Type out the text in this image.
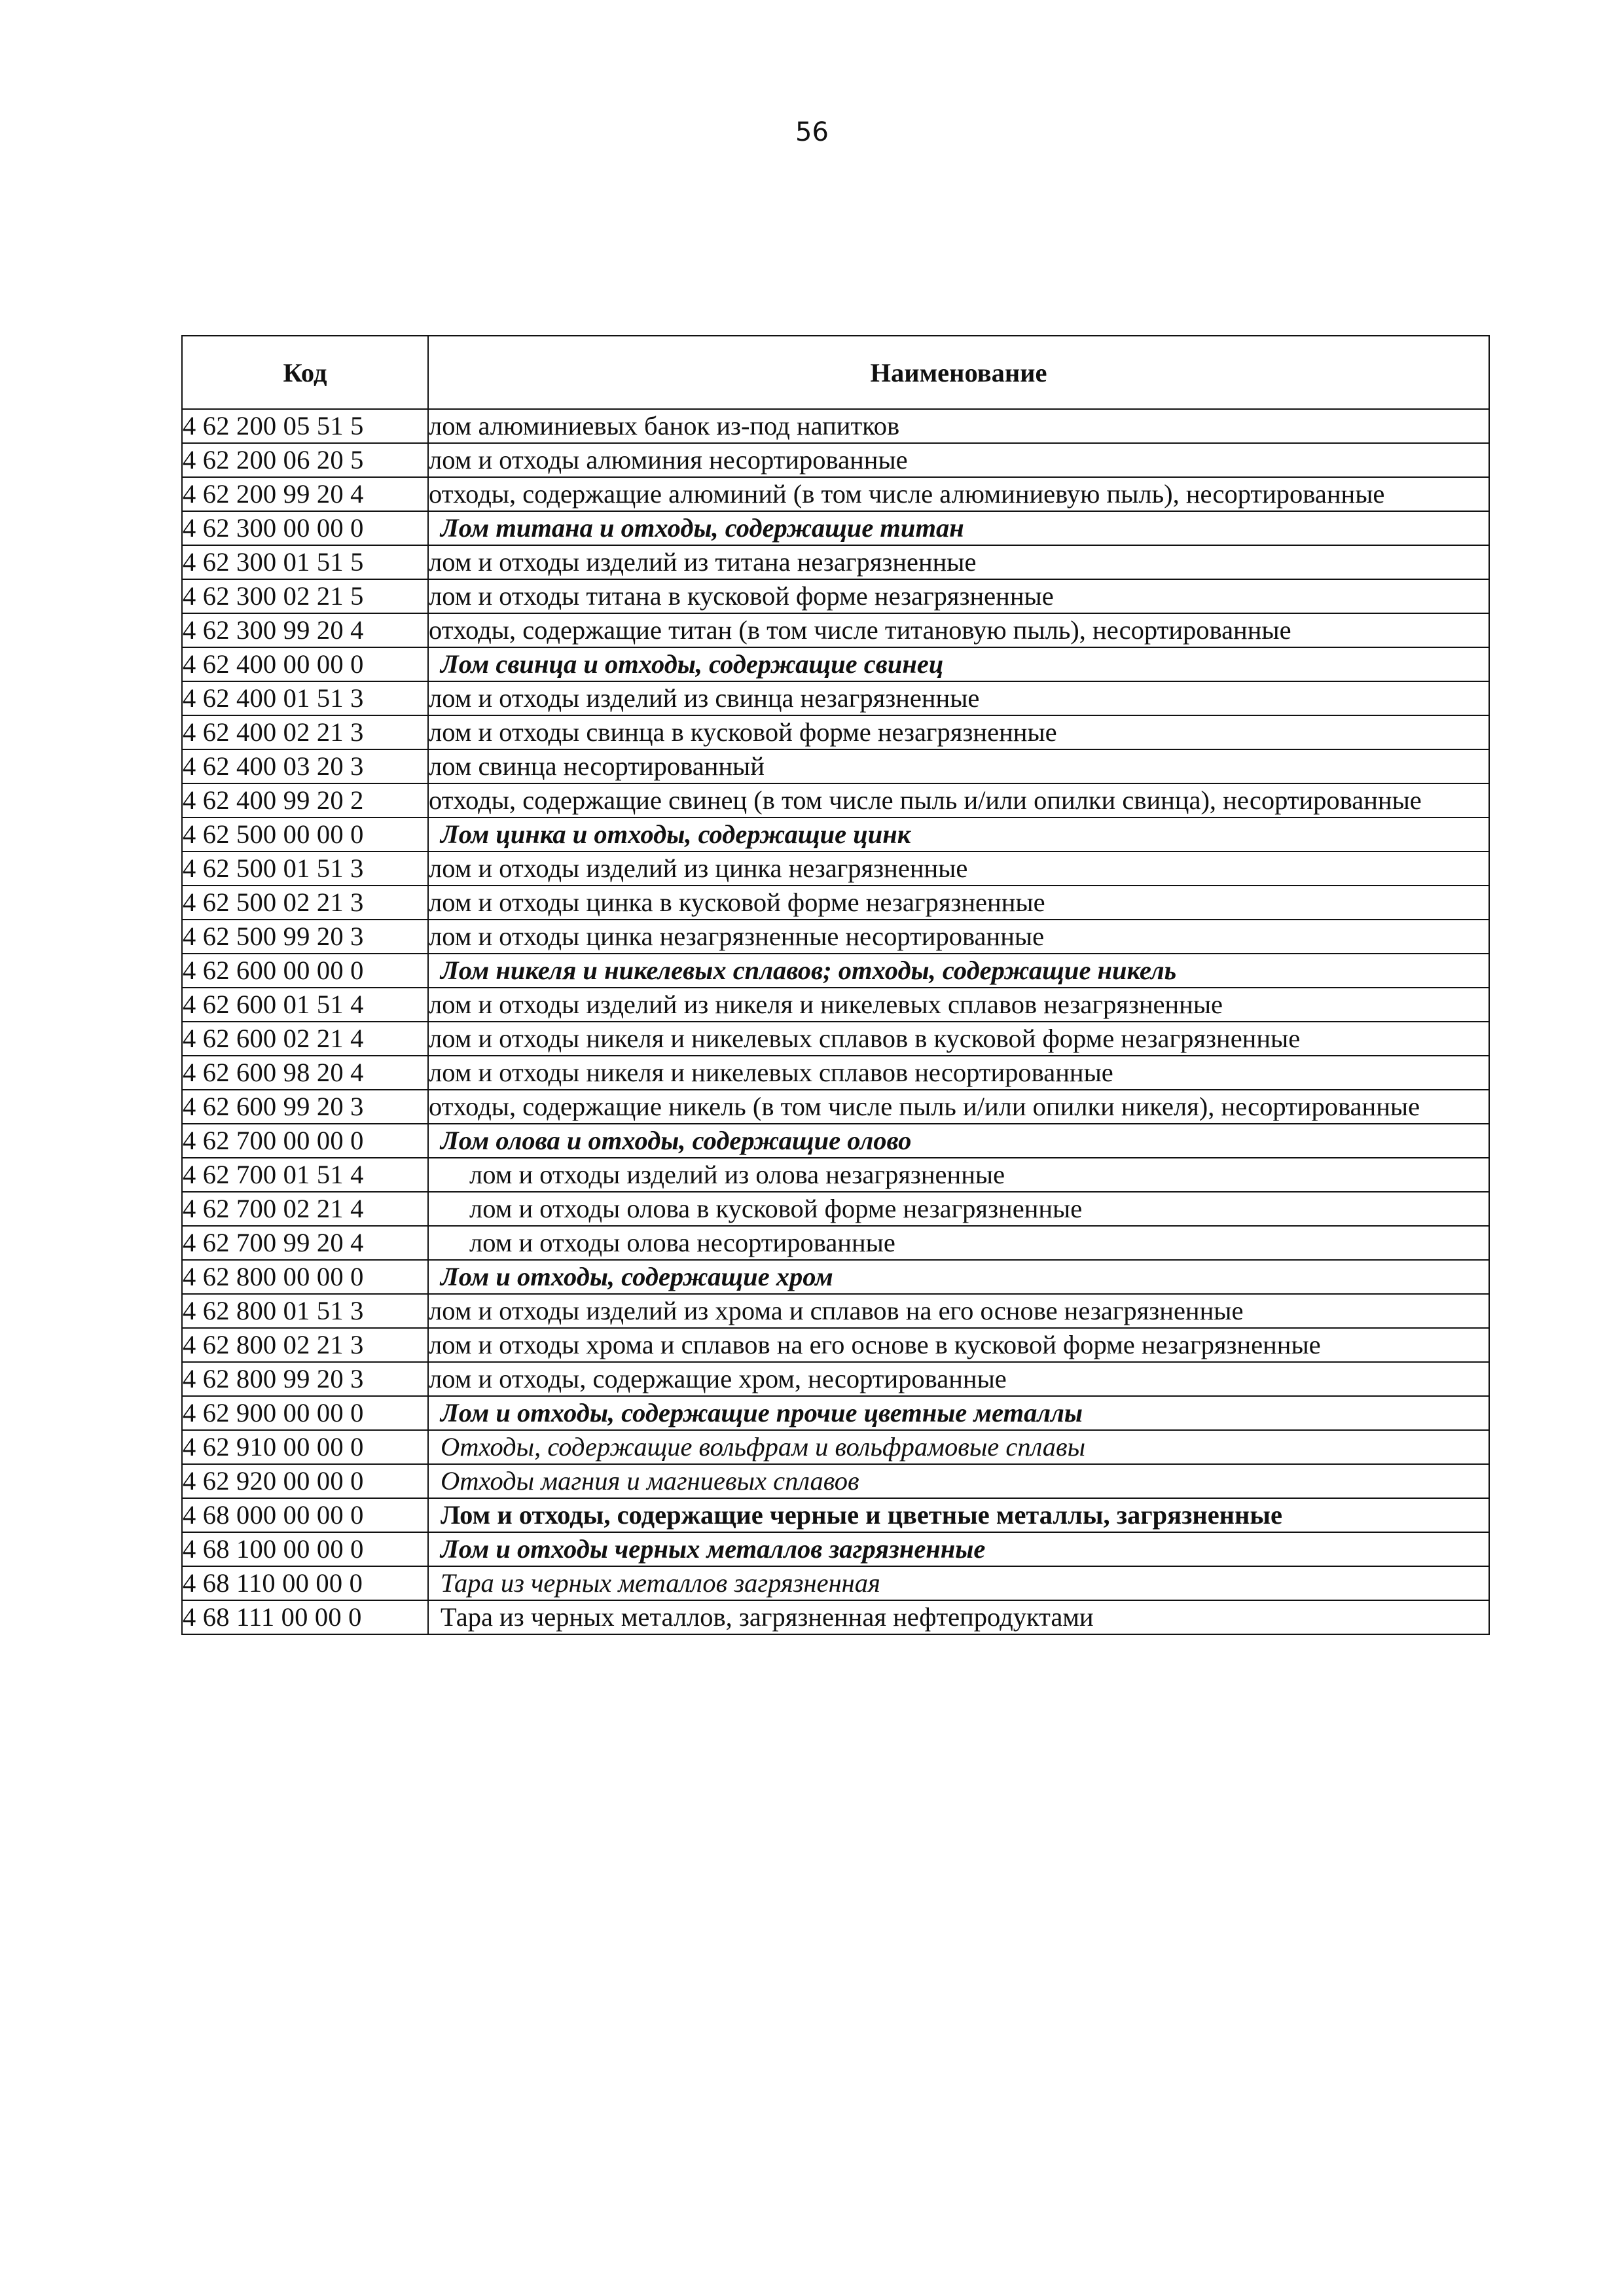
56
Код	Наименование
4 62 200 05 51 5	лом алюминиевых банок из-под напитков
4 62 200 06 20 5	лом и отходы алюминия несортированные
4 62 200 99 20 4	отходы, содержащие алюминий (в том числе алюминиевую пыль), несортированные
4 62 300 00 00 0	Лом титана и отходы, содержащие титан
4 62 300 01 51 5	лом и отходы изделий из титана незагрязненные
4 62 300 02 21 5	лом и отходы титана в кусковой форме незагрязненные
4 62 300 99 20 4	отходы, содержащие титан (в том числе титановую пыль), несортированные
4 62 400 00 00 0	Лом свинца и отходы, содержащие свинец
4 62 400 01 51 3	лом и отходы изделий из свинца незагрязненные
4 62 400 02 21 3	лом и отходы свинца в кусковой форме незагрязненные
4 62 400 03 20 3	лом свинца несортированный
4 62 400 99 20 2	отходы, содержащие свинец (в том числе пыль и/или опилки свинца), несортированные
4 62 500 00 00 0	Лом цинка и отходы, содержащие цинк
4 62 500 01 51 3	лом и отходы изделий из цинка незагрязненные
4 62 500 02 21 3	лом и отходы цинка в кусковой форме незагрязненные
4 62 500 99 20 3	лом и отходы цинка незагрязненные несортированные
4 62 600 00 00 0	Лом никеля и никелевых сплавов; отходы, содержащие никель
4 62 600 01 51 4	лом и отходы изделий из никеля и никелевых сплавов незагрязненные
4 62 600 02 21 4	лом и отходы никеля и никелевых сплавов в кусковой форме незагрязненные
4 62 600 98 20 4	лом и отходы никеля и никелевых сплавов несортированные
4 62 600 99 20 3	отходы, содержащие никель (в том числе пыль и/или опилки никеля), несортированные
4 62 700 00 00 0	Лом олова и отходы, содержащие олово
4 62 700 01 51 4	лом и отходы изделий из олова незагрязненные
4 62 700 02 21 4	лом и отходы олова в кусковой форме незагрязненные
4 62 700 99 20 4	лом и отходы олова несортированные
4 62 800 00 00 0	Лом и отходы, содержащие хром
4 62 800 01 51 3	лом и отходы изделий из хрома и сплавов на его основе незагрязненные
4 62 800 02 21 3	лом и отходы хрома и сплавов на его основе в кусковой форме незагрязненные
4 62 800 99 20 3	лом и отходы, содержащие хром, несортированные
4 62 900 00 00 0	Лом и отходы, содержащие прочие цветные металлы
4 62 910 00 00 0	Отходы, содержащие вольфрам и вольфрамовые сплавы
4 62 920 00 00 0	Отходы магния и магниевых сплавов
4 68 000 00 00 0	Лом и отходы, содержащие черные и цветные металлы, загрязненные
4 68 100 00 00 0	Лом и отходы черных металлов загрязненные
4 68 110 00 00 0	Тара из черных металлов загрязненная
4 68 111 00 00 0	Тара из черных металлов, загрязненная нефтепродуктами
